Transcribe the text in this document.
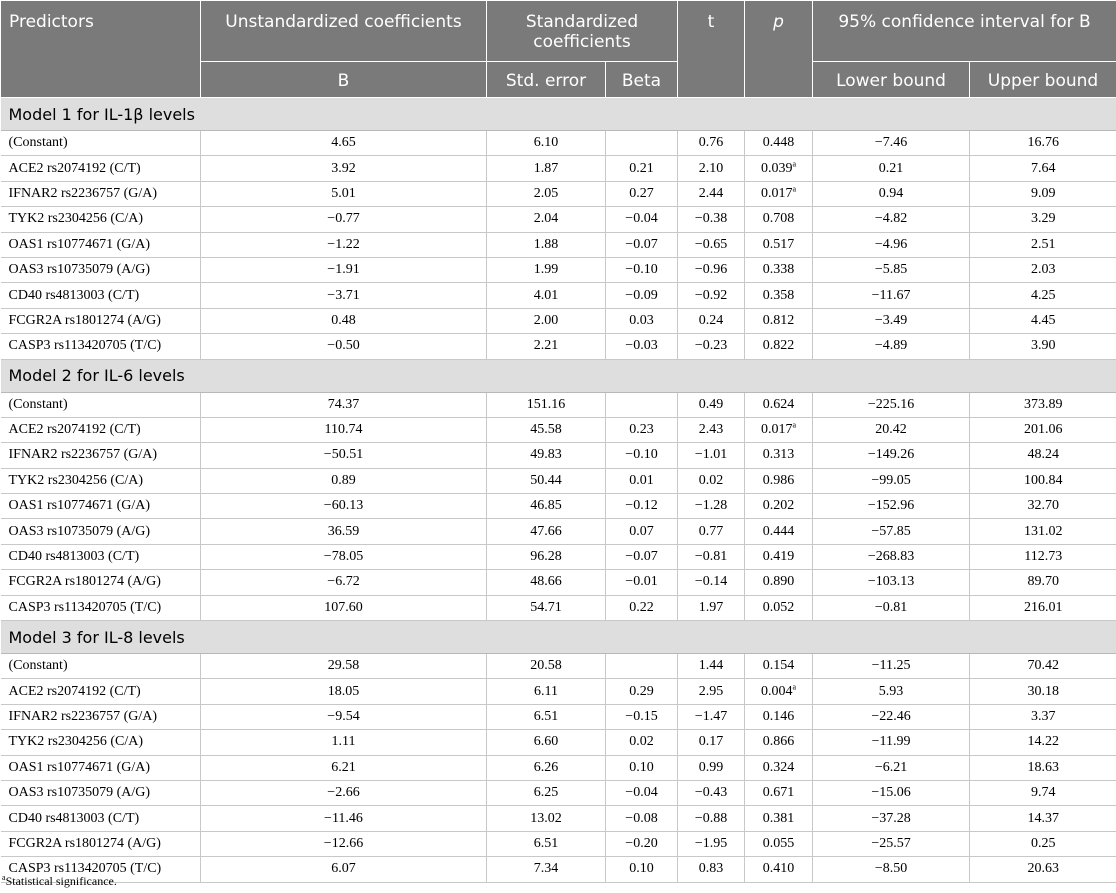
Predictors	Unstandardized coefficients	Standardized coefficients		t	p	95% confidence interval for B	
	B	Std. error	Beta			Lower bound	Upper bound
Model 1 for IL-1β levels							
(Constant)	4.65	6.10		0.76	0.448	−7.46	16.76
ACE2 rs2074192 (C/T)	3.92	1.87	0.21	2.10	0.039$^a$	0.21	7.64
IFNAR2 rs2236757 (G/A)	5.01	2.05	0.27	2.44	0.017$^a$	0.94	9.09
TYK2 rs2304256 (C/A)	−0.77	2.04	−0.04	−0.38	0.708	−4.82	3.29
OAS1 rs10774671 (G/A)	−1.22	1.88	−0.07	−0.65	0.517	−4.96	2.51
OAS3 rs10735079 (A/G)	−1.91	1.99	−0.10	−0.96	0.338	−5.85	2.03
CD40 rs4813003 (C/T)	−3.71	4.01	−0.09	−0.92	0.358	−11.67	4.25
FCGR2A rs1801274 (A/G)	0.48	2.00	0.03	0.24	0.812	−3.49	4.45
CASP3 rs113420705 (T/C)	−0.50	2.21	−0.03	−0.23	0.822	−4.89	3.90
Model 2 for IL-6 levels							
(Constant)	74.37	151.16		0.49	0.624	−225.16	373.89
ACE2 rs2074192 (C/T)	110.74	45.58	0.23	2.43	0.017$^a$	20.42	201.06
IFNAR2 rs2236757 (G/A)	−50.51	49.83	−0.10	−1.01	0.313	−149.26	48.24
TYK2 rs2304256 (C/A)	0.89	50.44	0.01	0.02	0.986	−99.05	100.84
OAS1 rs10774671 (G/A)	−60.13	46.85	−0.12	−1.28	0.202	−152.96	32.70
OAS3 rs10735079 (A/G)	36.59	47.66	0.07	0.77	0.444	−57.85	131.02
CD40 rs4813003 (C/T)	−78.05	96.28	−0.07	−0.81	0.419	−268.83	112.73
FCGR2A rs1801274 (A/G)	−6.72	48.66	−0.01	−0.14	0.890	−103.13	89.70
CASP3 rs113420705 (T/C)	107.60	54.71	0.22	1.97	0.052	−0.81	216.01
Model 3 for IL-8 levels							
(Constant)	29.58	20.58		1.44	0.154	−11.25	70.42
ACE2 rs2074192 (C/T)	18.05	6.11	0.29	2.95	0.004$^a$	5.93	30.18
IFNAR2 rs2236757 (G/A)	−9.54	6.51	−0.15	−1.47	0.146	−22.46	3.37
TYK2 rs2304256 (C/A)	1.11	6.60	0.02	0.17	0.866	−11.99	14.22
OAS1 rs10774671 (G/A)	6.21	6.26	0.10	0.99	0.324	−6.21	18.63
OAS3 rs10735079 (A/G)	−2.66	6.25	−0.04	−0.43	0.671	−15.06	9.74
CD40 rs4813003 (C/T)	−11.46	13.02	−0.08	−0.88	0.381	−37.28	14.37
FCGR2A rs1801274 (A/G)	−12.66	6.51	−0.20	−1.95	0.055	−25.57	0.25
CASP3 rs113420705 (T/C)	6.07	7.34	0.10	0.83	0.410	−8.50	20.63
$^a$Statistical significance.
